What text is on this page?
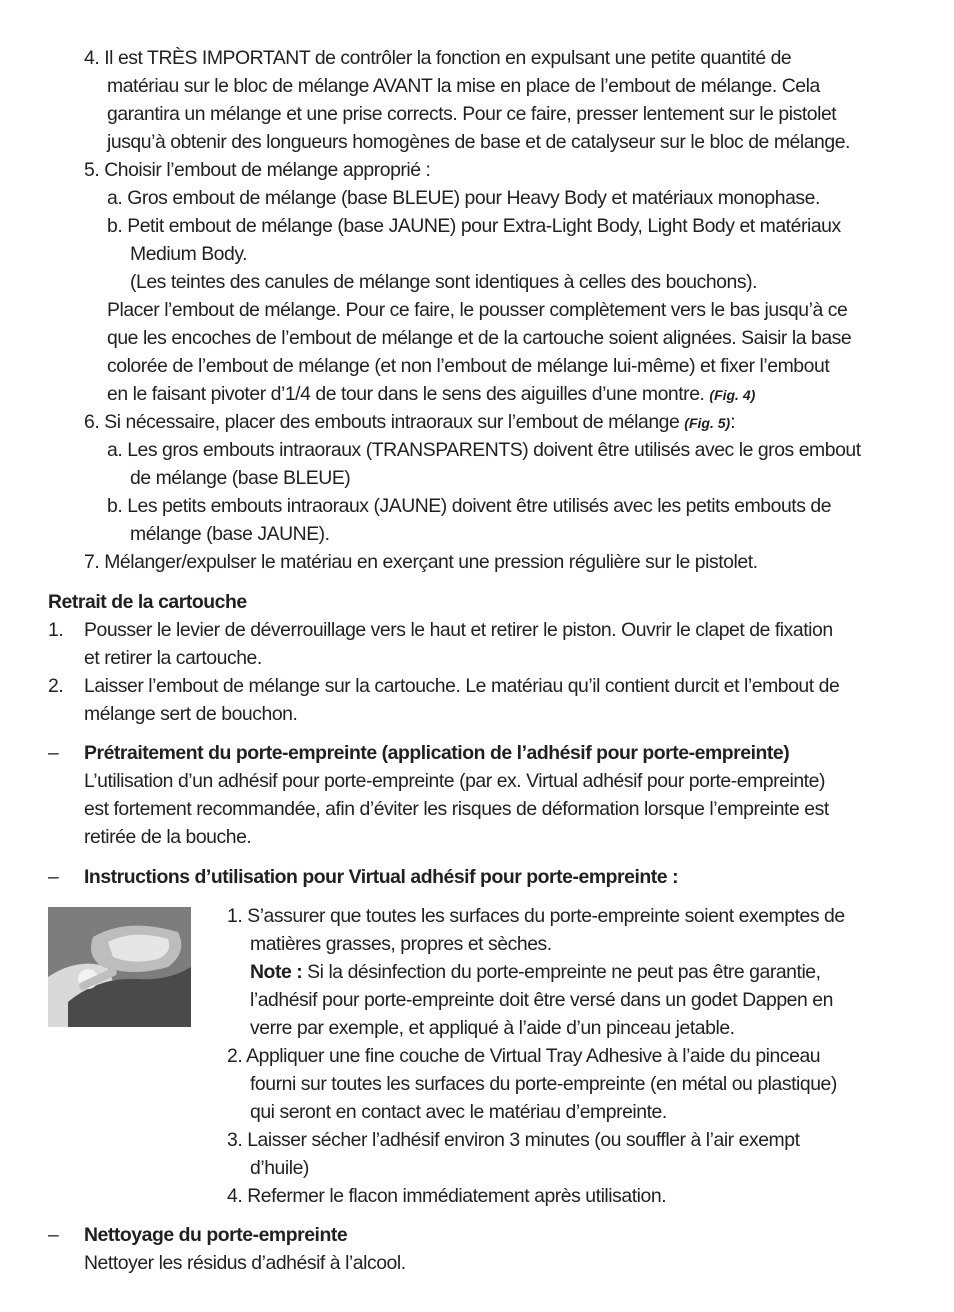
4. Il est TRÈS IMPORTANT de contrôler la fonction en expulsant une petite quantité de
matériau sur le bloc de mélange AVANT la mise en place de l’embout de mélange. Cela
garantira un mélange et une prise corrects. Pour ce faire, presser lentement sur le pistolet
jusqu’à obtenir des longueurs homogènes de base et de catalyseur sur le bloc de mélange.
5. Choisir l’embout de mélange approprié :
a. Gros embout de mélange (base BLEUE) pour Heavy Body et matériaux monophase.
b. Petit embout de mélange (base JAUNE) pour Extra-Light Body, Light Body et matériaux
Medium Body.
(Les teintes des canules de mélange sont identiques à celles des bouchons).
Placer l’embout de mélange. Pour ce faire, le pousser complètement vers le bas jusqu’à ce
que les encoches de l’embout de mélange et de la cartouche soient alignées. Saisir la base
colorée de l’embout de mélange (et non l’embout de mélange lui-même) et fixer l’embout
en le faisant pivoter d’1/4 de tour dans le sens des aiguilles d’une montre. (Fig. 4)
6. Si nécessaire, placer des embouts intraoraux sur l’embout de mélange (Fig. 5):
a. Les gros embouts intraoraux (TRANSPARENTS) doivent être utilisés avec le gros embout
de mélange (base BLEUE)
b. Les petits embouts intraoraux (JAUNE) doivent être utilisés avec les petits embouts de
mélange (base JAUNE).
7. Mélanger/expulser le matériau en exerçant une pression régulière sur le pistolet.
Retrait de la cartouche
1. Pousser le levier de déverrouillage vers le haut et retirer le piston. Ouvrir le clapet de fixation
et retirer la cartouche.
2. Laisser l’embout de mélange sur la cartouche. Le matériau qu’il contient durcit et l’embout de
mélange sert de bouchon.
– Prétraitement du porte-empreinte (application de l’adhésif pour porte-empreinte)
L’utilisation d’un adhésif pour porte-empreinte (par ex. Virtual adhésif pour porte-empreinte)
est fortement recommandée, afin d’éviter les risques de déformation lorsque l’empreinte est
retirée de la bouche.
– Instructions d’utilisation pour Virtual adhésif pour porte-empreinte :
1. S’assurer que toutes les surfaces du porte-empreinte soient exemptes de
matières grasses, propres et sèches.
Note : Si la désinfection du porte-empreinte ne peut pas être garantie,
l’adhésif pour porte-empreinte doit être versé dans un godet Dappen en
verre par exemple, et appliqué à l’aide d’un pinceau jetable.
2. Appliquer une fine couche de Virtual Tray Adhesive à l’aide du pinceau
fourni sur toutes les surfaces du porte-empreinte (en métal ou plastique)
qui seront en contact avec le matériau d’empreinte.
3. Laisser sécher l’adhésif environ 3 minutes (ou souffler à l’air exempt
d’huile)
4. Refermer le flacon immédiatement après utilisation.
– Nettoyage du porte-empreinte
Nettoyer les résidus d’adhésif à l’alcool.
